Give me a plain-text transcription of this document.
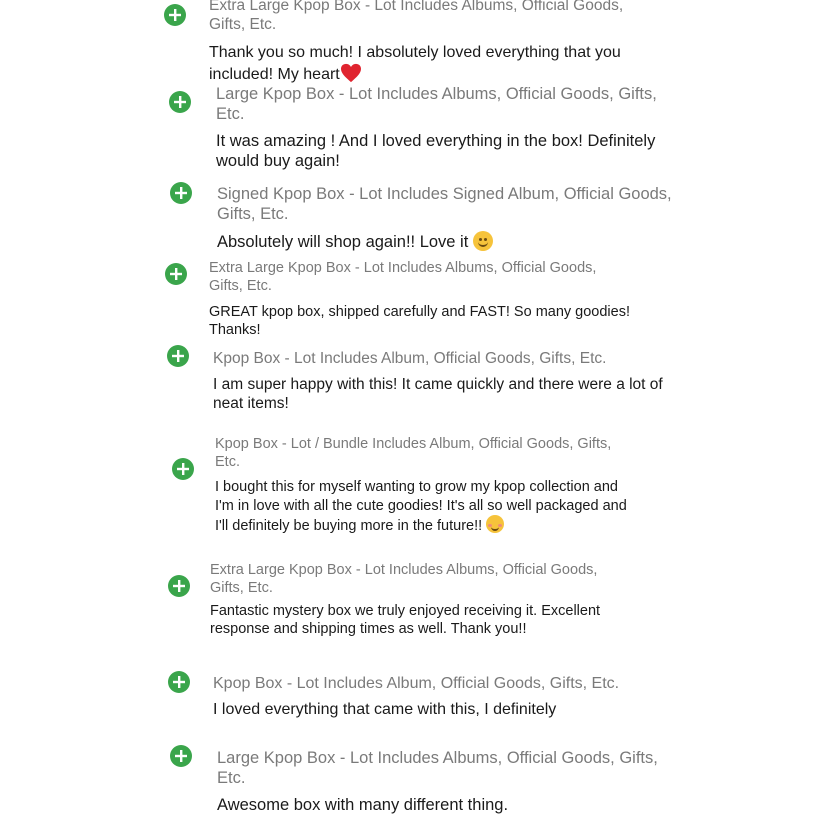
Extra Large Kpop Box - Lot Includes Albums, Official Goods, Gifts, Etc.
Thank you so much! I absolutely loved everything that you included! My heart
Large Kpop Box - Lot Includes Albums, Official Goods, Gifts, Etc.
It was amazing ! And I loved everything in the box! Definitely would buy again!
Signed Kpop Box - Lot Includes Signed Album, Official Goods, Gifts, Etc.
Absolutely will shop again!! Love it
Extra Large Kpop Box - Lot Includes Albums, Official Goods, Gifts, Etc.
GREAT kpop box, shipped carefully and FAST! So many goodies! Thanks!
Kpop Box - Lot Includes Album, Official Goods, Gifts, Etc.
I am super happy with this! It came quickly and there were a lot of neat items!
Kpop Box - Lot / Bundle Includes Album, Official Goods, Gifts, Etc.
I bought this for myself wanting to grow my kpop collection and I'm in love with all the cute goodies! It's all so well packaged and I'll definitely be buying more in the future!!
Extra Large Kpop Box - Lot Includes Albums, Official Goods, Gifts, Etc.
Fantastic mystery box we truly enjoyed receiving it. Excellent response and shipping times as well. Thank you!!
Kpop Box - Lot Includes Album, Official Goods, Gifts, Etc.
I loved everything that came with this, I definitely
Large Kpop Box - Lot Includes Albums, Official Goods, Gifts, Etc.
Awesome box with many different thing.
